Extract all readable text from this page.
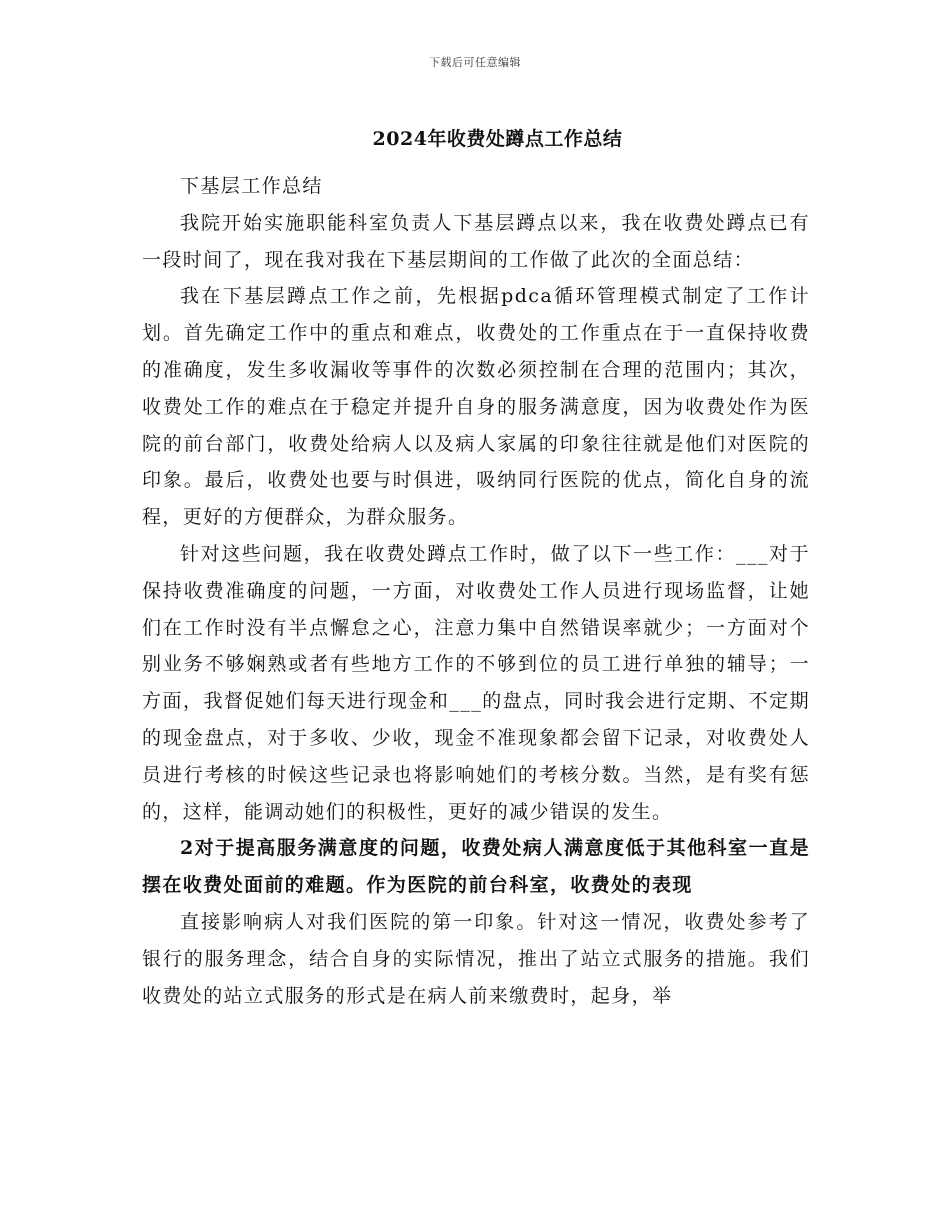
下载后可任意编辑
2024年收费处蹲点工作总结

下基层工作总结

我院开始实施职能科室负责人下基层蹲点以来，我在收费处蹲点已有一段时间了，现在我对我在下基层期间的工作做了此次的全面总结：

我在下基层蹲点工作之前，先根据pdca循环管理模式制定了工作计划。首先确定工作中的重点和难点，收费处的工作重点在于一直保持收费的准确度，发生多收漏收等事件的次数必须控制在合理的范围内；其次，收费处工作的难点在于稳定并提升自身的服务满意度，因为收费处作为医院的前台部门，收费处给病人以及病人家属的印象往往就是他们对医院的印象。最后，收费处也要与时俱进，吸纳同行医院的优点，简化自身的流程，更好的方便群众，为群众服务。

针对这些问题，我在收费处蹲点工作时，做了以下一些工作：___对于保持收费准确度的问题，一方面，对收费处工作人员进行现场监督，让她们在工作时没有半点懈怠之心，注意力集中自然错误率就少；一方面对个别业务不够娴熟或者有些地方工作的不够到位的员工进行单独的辅导；一方面，我督促她们每天进行现金和___的盘点，同时我会进行定期、不定期的现金盘点，对于多收、少收，现金不准现象都会留下记录，对收费处人员进行考核的时候这些记录也将影响她们的考核分数。当然，是有奖有惩的，这样，能调动她们的积极性，更好的减少错误的发生。

2对于提高服务满意度的问题，收费处病人满意度低于其他科室一直是摆在收费处面前的难题。作为医院的前台科室，收费处的表现

直接影响病人对我们医院的第一印象。针对这一情况，收费处参考了银行的服务理念，结合自身的实际情况，推出了站立式服务的措施。我们收费处的站立式服务的形式是在病人前来缴费时，起身，举
